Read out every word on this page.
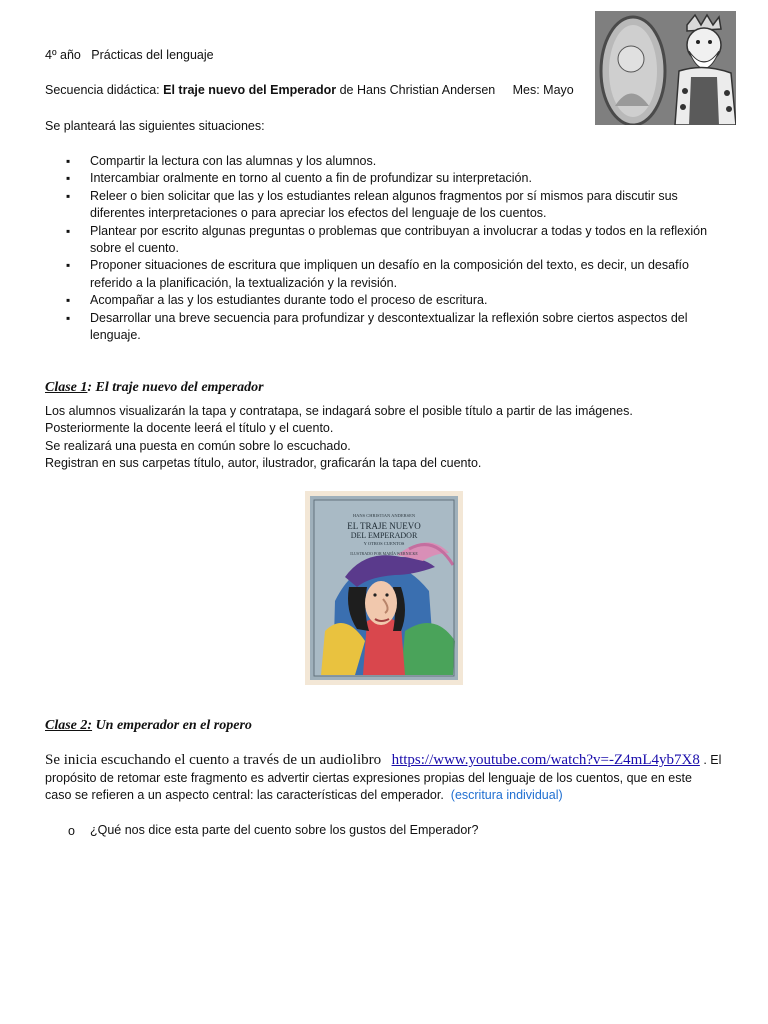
4º año Prácticas del lenguaje
Secuencia didáctica: El traje nuevo del Emperador de Hans Christian Andersen Mes: Mayo
Se planteará las siguientes situaciones:
▪ Compartir la lectura con las alumnas y los alumnos.
▪ Intercambiar oralmente en torno al cuento a fin de profundizar su interpretación.
▪ Releer o bien solicitar que las y los estudiantes relean algunos fragmentos por sí mismos para discutir sus diferentes interpretaciones o para apreciar los efectos del lenguaje de los cuentos.
▪ Plantear por escrito algunas preguntas o problemas que contribuyan a involucrar a todas y todos en la reflexión sobre el cuento.
▪ Proponer situaciones de escritura que impliquen un desafío en la composición del texto, es decir, un desafío referido a la planificación, la textualización y la revisión.
▪ Acompañar a las y los estudiantes durante todo el proceso de escritura.
▪ Desarrollar una breve secuencia para profundizar y descontextualizar la reflexión sobre ciertos aspectos del lenguaje.
Clase 1: El traje nuevo del emperador
Los alumnos visualizarán la tapa y contratapa, se indagará sobre el posible título a partir de las imágenes.
Posteriormente la docente leerá el título y el cuento.
Se realizará una puesta en común sobre lo escuchado.
Registran en sus carpetas título, autor, ilustrador, graficarán la tapa del cuento.
HANS CHRISTIAN ANDERSEN
EL TRAJE NUEVO
DEL EMPERADOR
Y OTROS CUENTOS
ILUSTRADO POR MARÍA WERNICKE
Clase 2: Un emperador en el ropero
Se inicia escuchando el cuento a través de un audiolibro https://www.youtube.com/watch?v=-Z4mL4yb7X8 . El
propósito de retomar este fragmento es advertir ciertas expresiones propias del lenguaje de los cuentos, que en este
caso se refieren a un aspecto central: las características del emperador. (escritura individual)
o ¿Qué nos dice esta parte del cuento sobre los gustos del Emperador?
